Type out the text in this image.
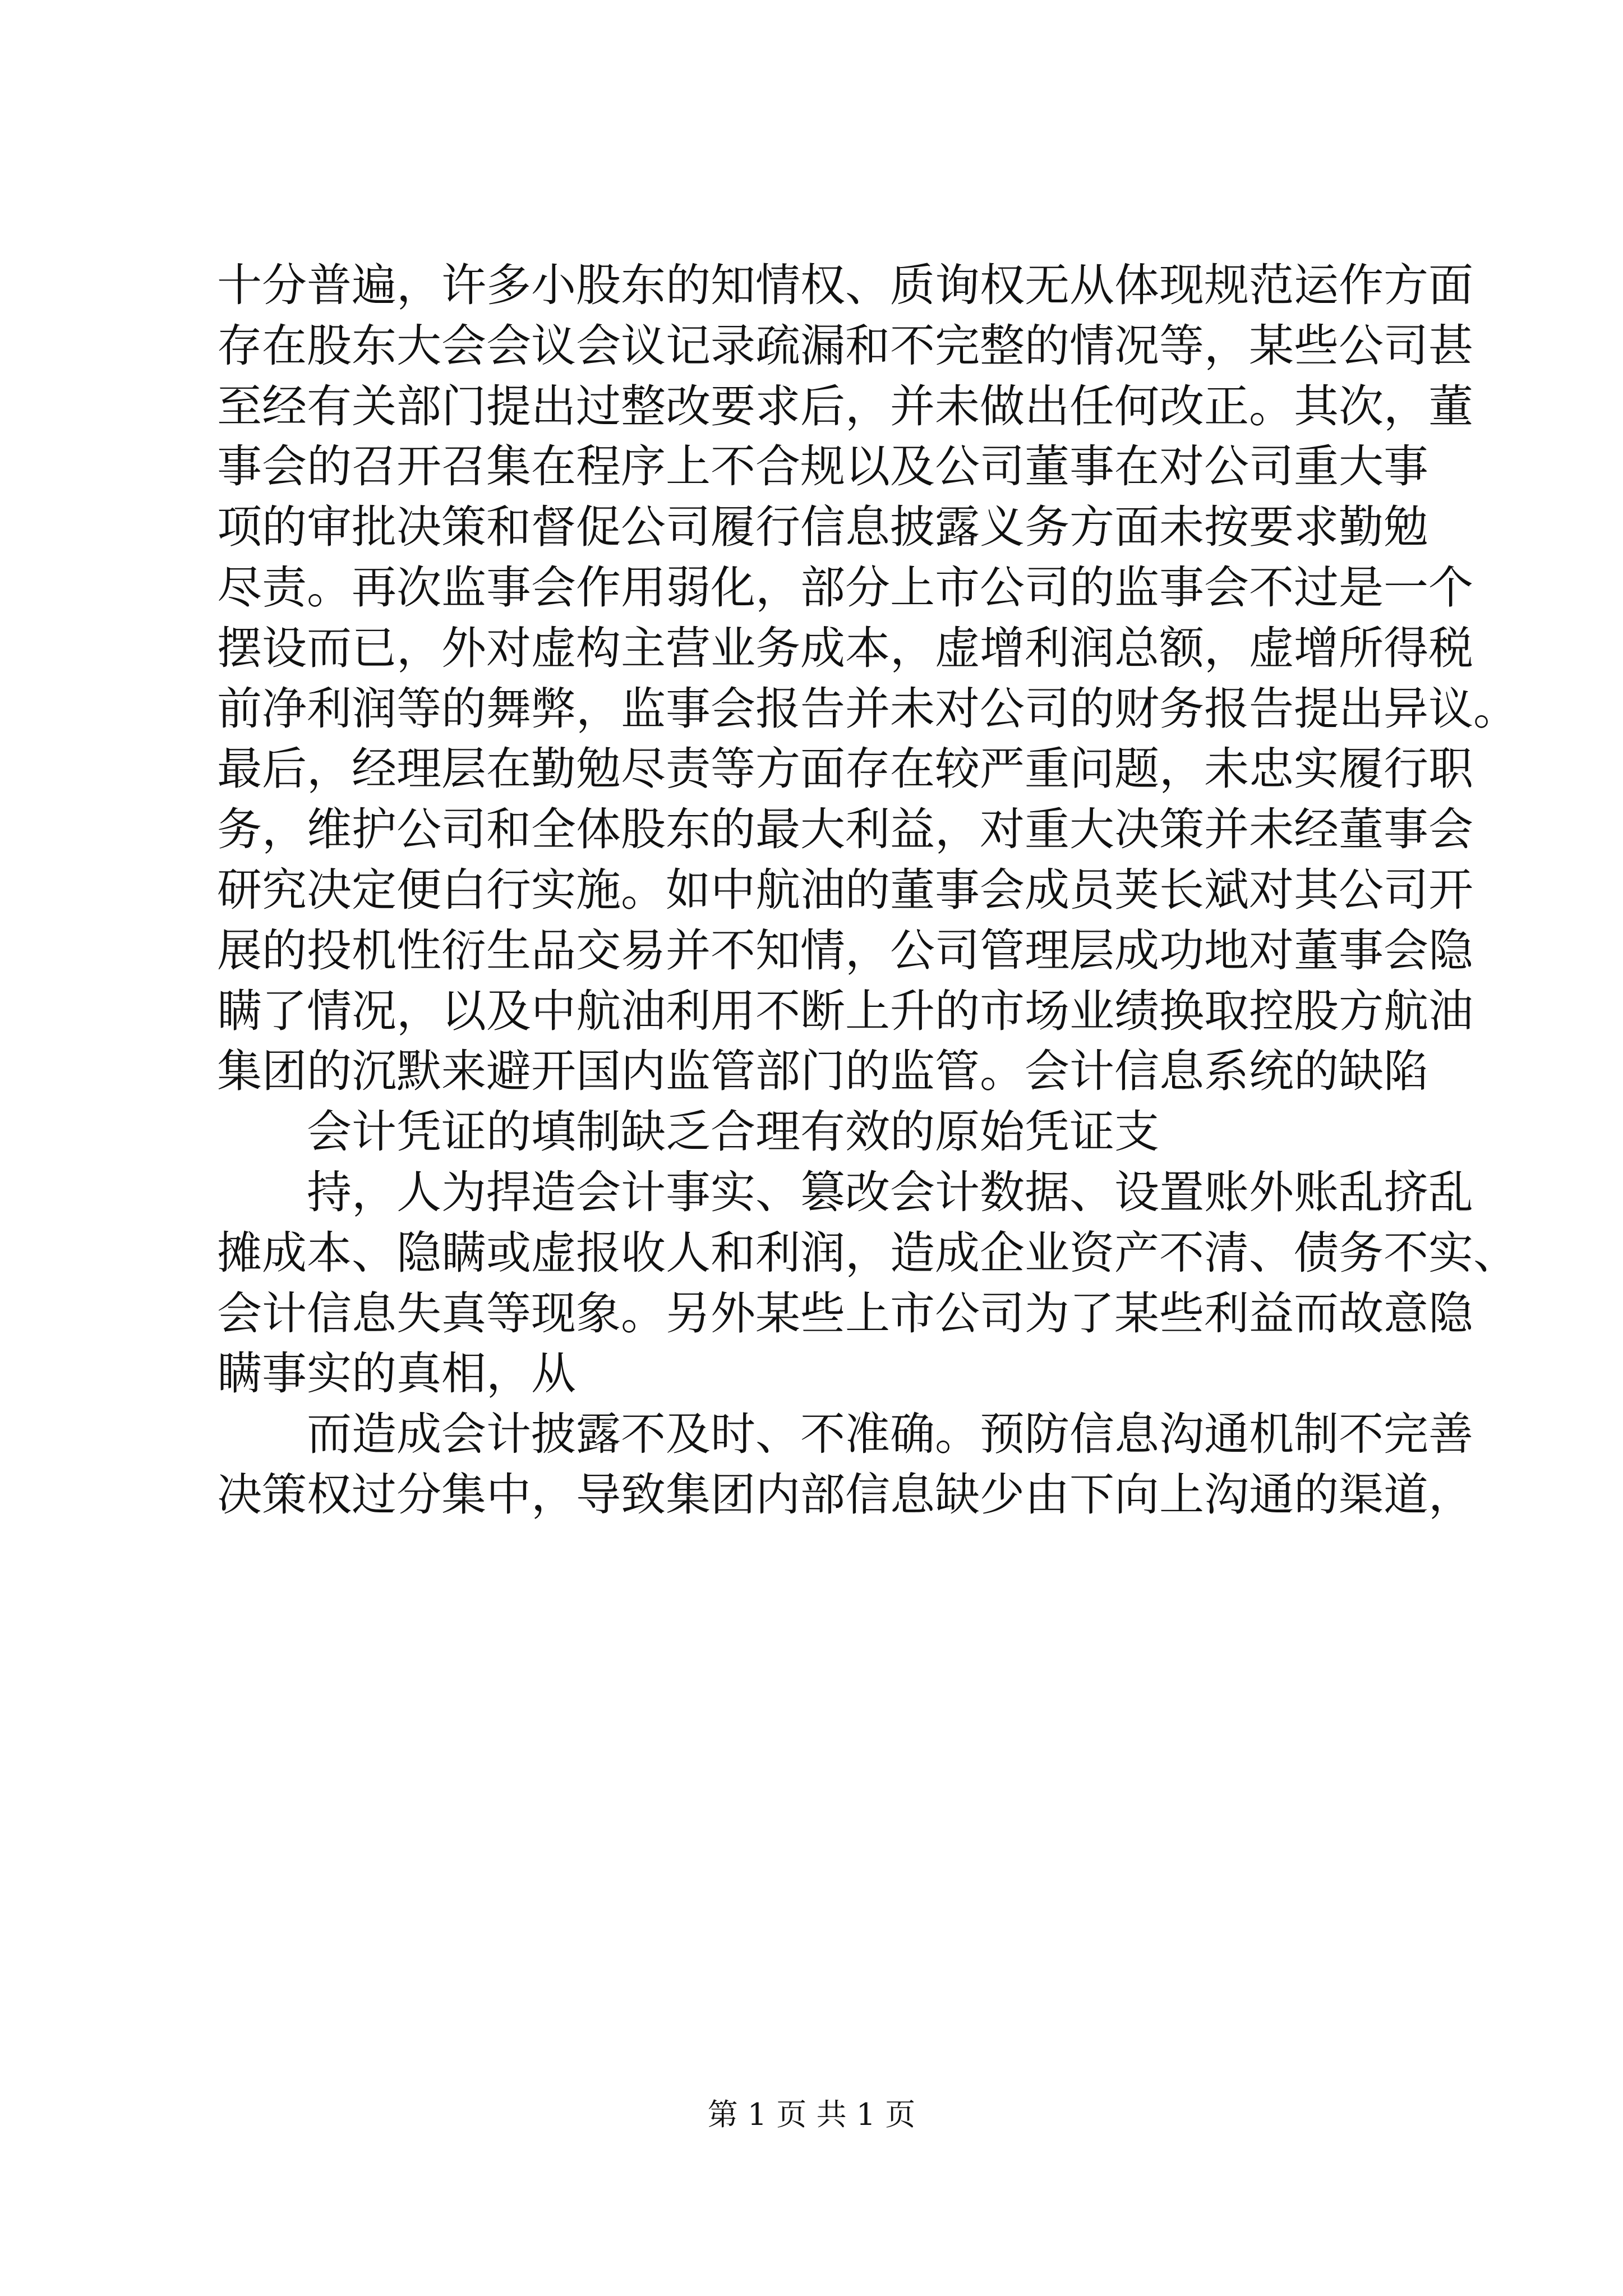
十分普遍，许多小股东的知情权、质询权无从体现规范运作方面
存在股东大会会议会议记录疏漏和不完整的情况等，某些公司甚
至经有关部门提出过整改要求后，并未做出任何改正。其次，董
事会的召开召集在程序上不合规以及公司董事在对公司重大事
项的审批决策和督促公司履行信息披露义务方面未按要求勤勉
尽责。再次监事会作用弱化，部分上市公司的监事会不过是一个
摆设而已，外对虚构主营业务成本，虚增利润总额，虚增所得税
前净利润等的舞弊，监事会报告并未对公司的财务报告提出异议。
最后，经理层在勤勉尽责等方面存在较严重问题，未忠实履行职
务，维护公司和全体股东的最大利益，对重大决策并未经董事会
研究决定便白行实施。如中航油的董事会成员荚长斌对其公司开
展的投机性衍生品交易并不知情，公司管理层成功地对董事会隐
瞒了情况，以及中航油利用不断上升的市场业绩换取控股方航油
集团的沉默来避开国内监管部门的监管。会计信息系统的缺陷
会计凭证的填制缺乏合理有效的原始凭证支
持，人为捍造会计事实、篡改会计数据、设置账外账乱挤乱
摊成本、隐瞒或虚报收人和利润，造成企业资产不清、债务不实、
会计信息失真等现象。另外某些上市公司为了某些利益而故意隐
瞒事实的真相，从
而造成会计披露不及时、不准确。预防信息沟通机制不完善
决策权过分集中，导致集团内部信息缺少由下向上沟通的渠道，
第 1 页 共 1 页
